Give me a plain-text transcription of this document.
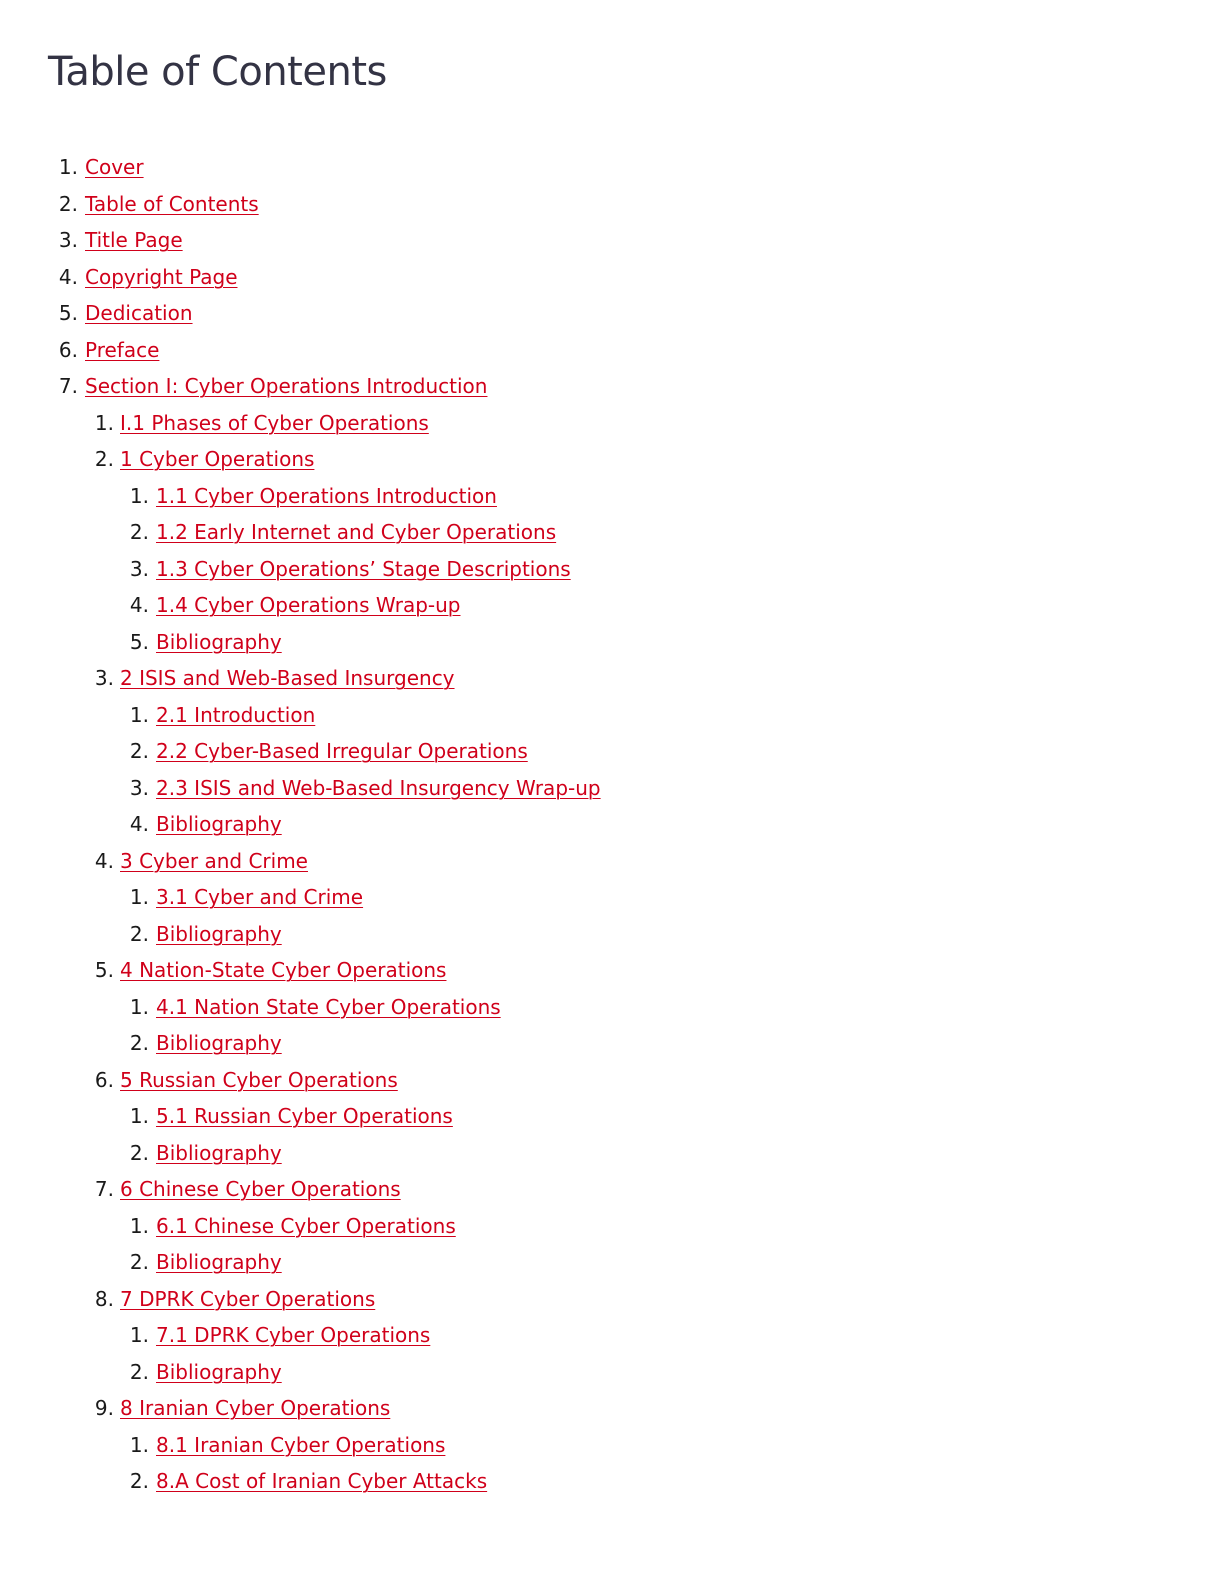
Table of Contents
1. Cover
2. Table of Contents
3. Title Page
4. Copyright Page
5. Dedication
6. Preface
7. Section I: Cyber Operations Introduction
1. I.1 Phases of Cyber Operations
2. 1 Cyber Operations
1. 1.1 Cyber Operations Introduction
2. 1.2 Early Internet and Cyber Operations
3. 1.3 Cyber Operations’ Stage Descriptions
4. 1.4 Cyber Operations Wrap-up
5. Bibliography
3. 2 ISIS and Web-Based Insurgency
1. 2.1 Introduction
2. 2.2 Cyber-Based Irregular Operations
3. 2.3 ISIS and Web-Based Insurgency Wrap-up
4. Bibliography
4. 3 Cyber and Crime
1. 3.1 Cyber and Crime
2. Bibliography
5. 4 Nation-State Cyber Operations
1. 4.1 Nation State Cyber Operations
2. Bibliography
6. 5 Russian Cyber Operations
1. 5.1 Russian Cyber Operations
2. Bibliography
7. 6 Chinese Cyber Operations
1. 6.1 Chinese Cyber Operations
2. Bibliography
8. 7 DPRK Cyber Operations
1. 7.1 DPRK Cyber Operations
2. Bibliography
9. 8 Iranian Cyber Operations
1. 8.1 Iranian Cyber Operations
2. 8.A Cost of Iranian Cyber Attacks
